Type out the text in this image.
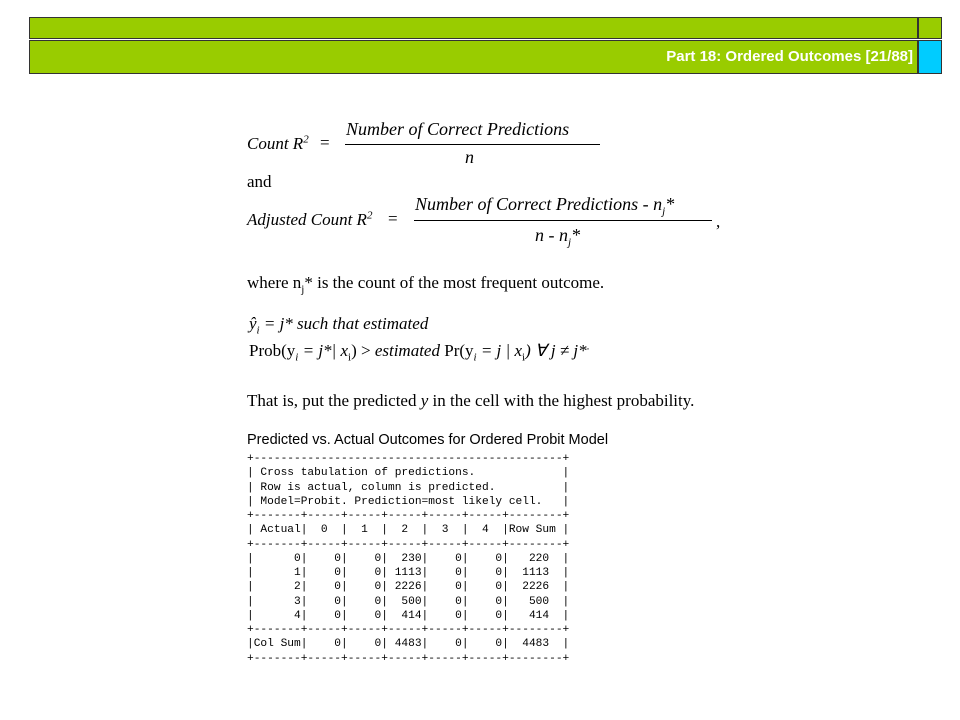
Part 18: Ordered Outcomes [21/88]
Count $R^2$ =
Number of Correct Predictions
n
and
Adjusted Count $R^2$ =
Number of Correct Predictions - $n_j*$
n - $n_j*$
,
where $n_j*$ is the count of the most frequent outcome.
$ŷ_i = j*$ such that estimated
$Prob(y_i = j*|$ $x_i$) > estimated $Pr(y_i = j$ | $x_i$) ∀ j ≠ j*.
That is, put the predicted y in the cell with the highest probability.
Predicted vs. Actual Outcomes for Ordered Probit Model
+----------------------------------------------+
| Cross tabulation of predictions.             |
| Row is actual, column is predicted.          |
| Model=Probit. Prediction=most likely cell.   |
+-------+-----+-----+-----+-----+-----+--------+
| Actual|  0  |  1  |  2  |  3  |  4  |Row Sum |
+-------+-----+-----+-----+-----+-----+--------+
|      0|    0|    0|  230|    0|    0|   220  |
|      1|    0|    0| 1113|    0|    0|  1113  |
|      2|    0|    0| 2226|    0|    0|  2226  |
|      3|    0|    0|  500|    0|    0|   500  |
|      4|    0|    0|  414|    0|    0|   414  |
+-------+-----+-----+-----+-----+-----+--------+
|Col Sum|    0|    0| 4483|    0|    0|  4483  |
+-------+-----+-----+-----+-----+-----+--------+
